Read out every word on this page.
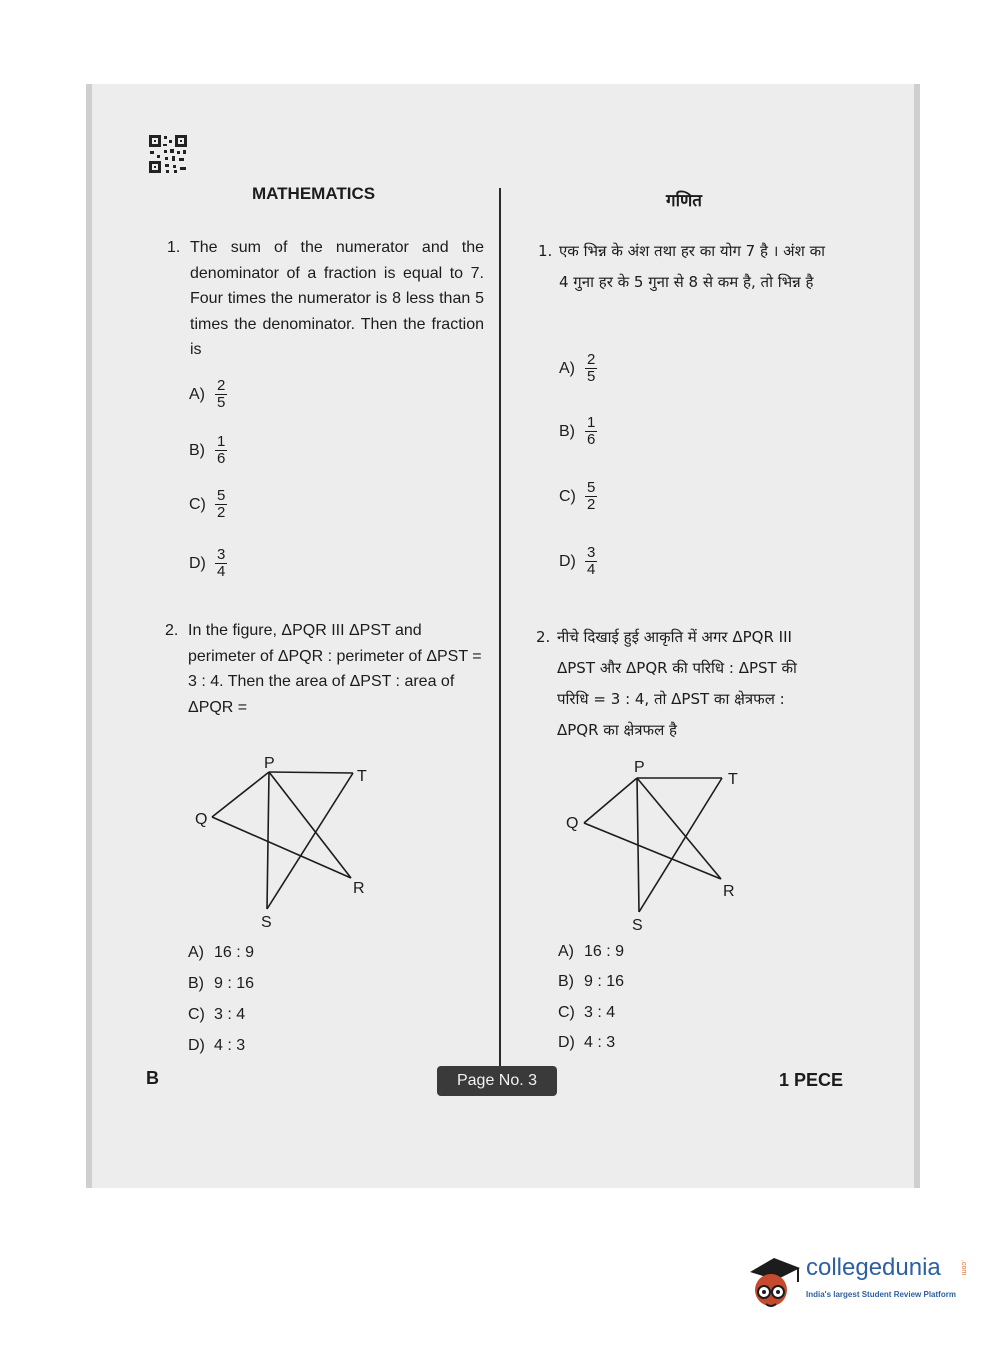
MATHEMATICS	गणित
1. The sum of the numerator and the denominator of a fraction is equal to 7. Four times the numerator is 8 less than 5 times the denominator. Then the fraction is
$A) \frac{2}{5}$
$B) \frac{1}{6}$
$C) \frac{5}{2}$
$D) \frac{3}{4}$
2. In the figure, ΔPQR III ΔPST and perimeter of ΔPQR : perimeter of ΔPST = 3 : 4. Then the area of ΔPST : area of ΔPQR =
P
T
Q
R
S
A) 16 : 9
B) 9 : 16
C) 3 : 4
D) 4 : 3
1. एक भिन्न के अंश तथा हर का योग 7 है । अंश का 4 गुना हर के 5 गुना से 8 से कम है, तो भिन्न है
$A) \frac{2}{5}$
$B) \frac{1}{6}$
$C) \frac{5}{2}$
$D) \frac{3}{4}$
2. नीचे दिखाई हुई आकृति में अगर ΔPQR III ΔPST और ΔPQR की परिधि : ΔPST की परिधि = 3 : 4, तो ΔPST का क्षेत्रफल : ΔPQR का क्षेत्रफल है
P
T
Q
R
S
A) 16 : 9
B) 9 : 16
C) 3 : 4
D) 4 : 3
B	Page No. 3	1 PECE
collegedunia	.com
India's largest Student Review Platform
